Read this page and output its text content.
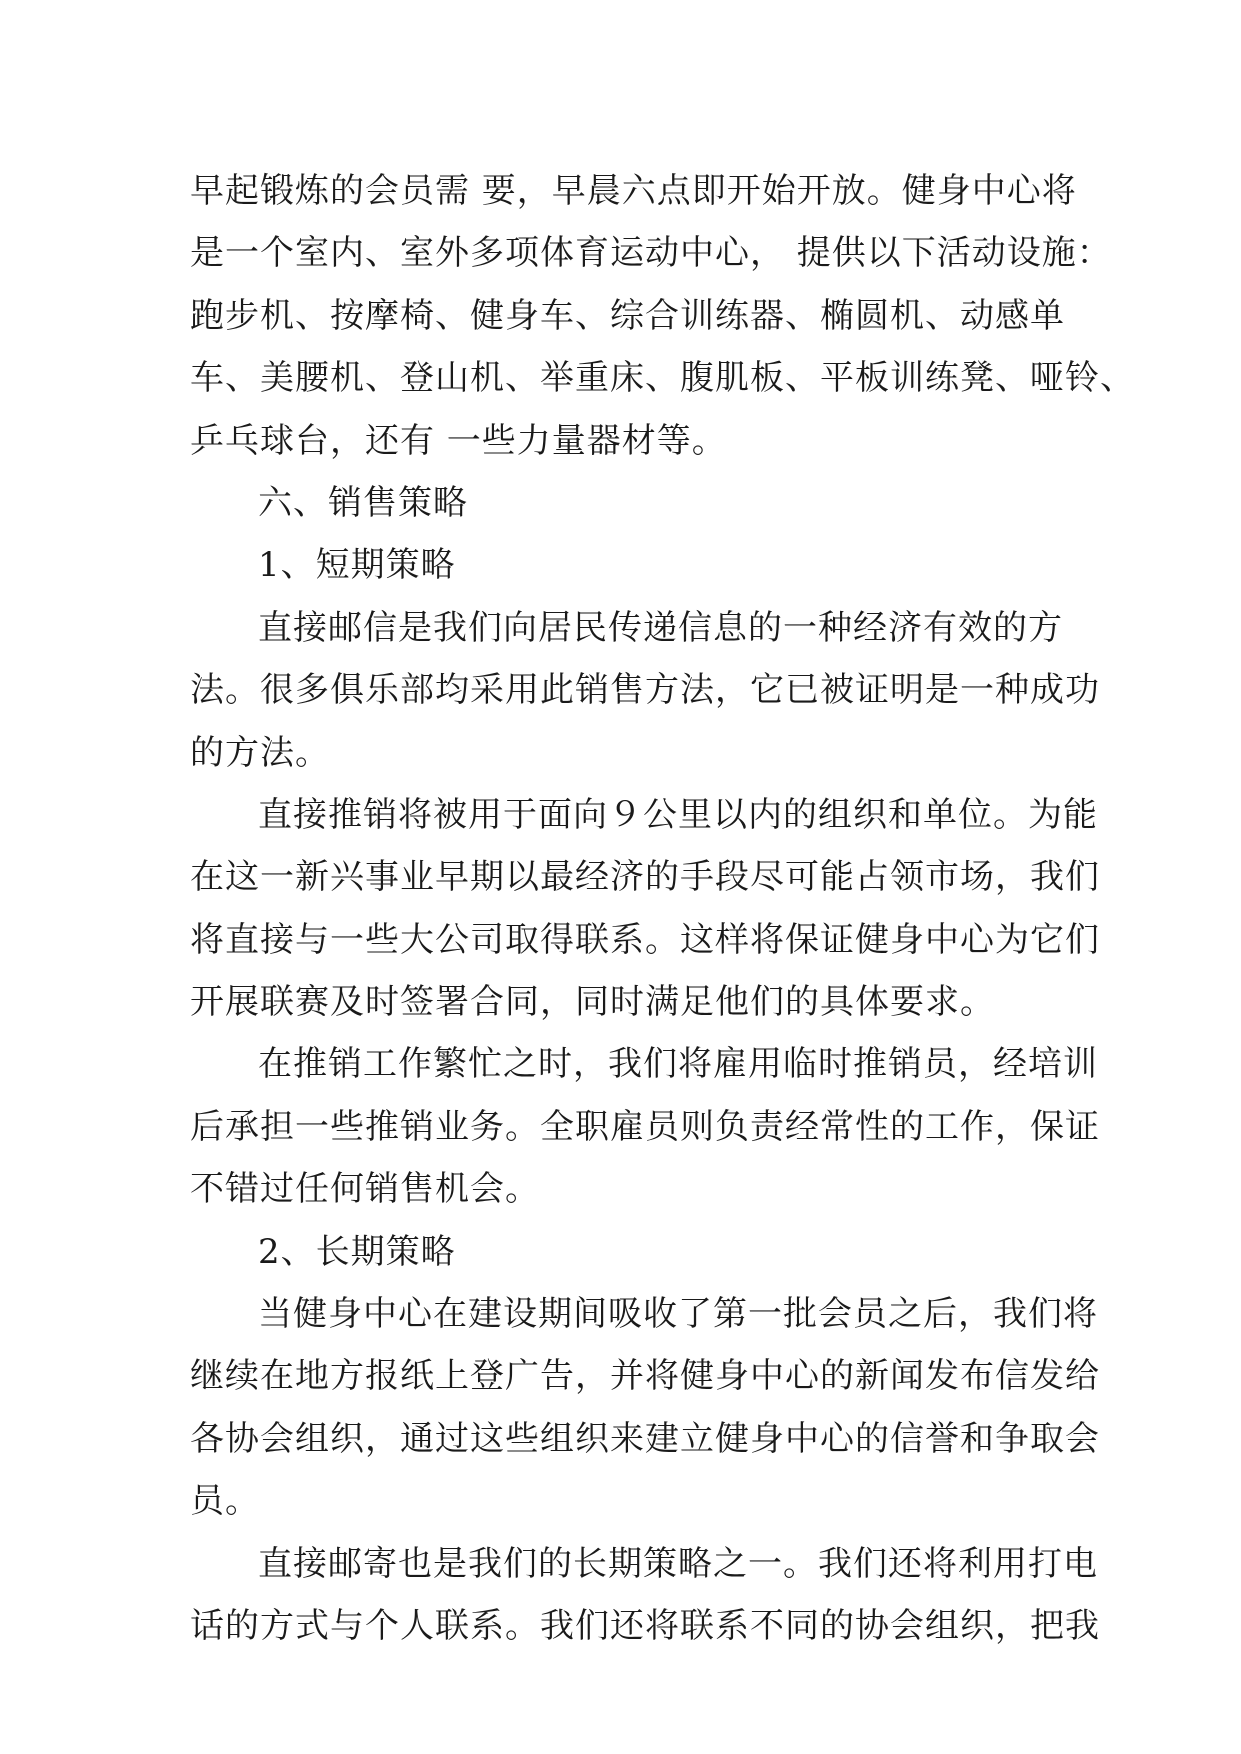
早起锻炼的会员需 要，早晨六点即开始开放。健身中心将
是一个室内、室外多项体育运动中心， 提供以下活动设施：
跑步机、按摩椅、健身车、综合训练器、椭圆机、动感单
车、美腰机、登山机、举重床、腹肌板、平板训练凳、哑铃、
乒乓球台，还有 一些力量器材等。
六、销售策略
1、短期策略
直接邮信是我们向居民传递信息的一种经济有效的方
法。很多俱乐部均采用此销售方法，它已被证明是一种成功
的方法。
直接推销将被用于面向９公里以内的组织和单位。为能
在这一新兴事业早期以最经济的手段尽可能占领市场，我们
将直接与一些大公司取得联系。这样将保证健身中心为它们
开展联赛及时签署合同，同时满足他们的具体要求。
在推销工作繁忙之时，我们将雇用临时推销员，经培训
后承担一些推销业务。全职雇员则负责经常性的工作，保证
不错过任何销售机会。
2、长期策略
当健身中心在建设期间吸收了第一批会员之后，我们将
继续在地方报纸上登广告，并将健身中心的新闻发布信发给
各协会组织，通过这些组织来建立健身中心的信誉和争取会
员。
直接邮寄也是我们的长期策略之一。我们还将利用打电
话的方式与个人联系。我们还将联系不同的协会组织，把我
